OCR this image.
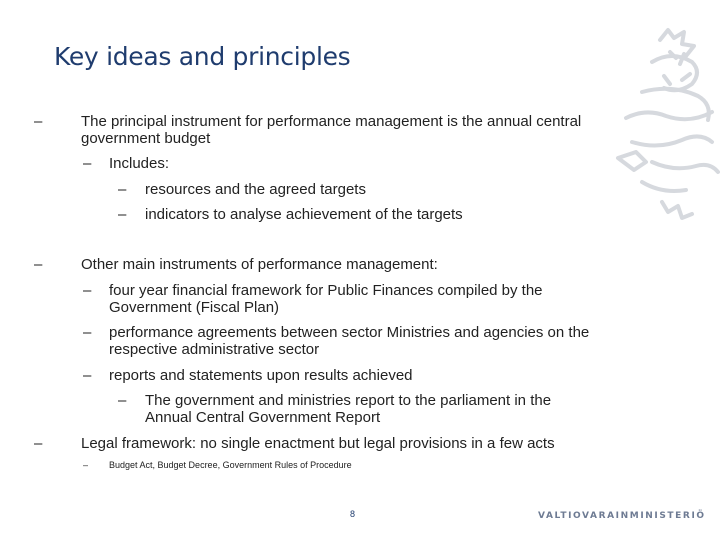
Key ideas and principles
–	The principal instrument for performance management is the annual central government budget
– Includes:
– resources and the agreed targets
– indicators to analyse achievement of the targets
–	Other main instruments of performance management:
– four year financial framework for Public Finances compiled by the Government (Fiscal Plan)
– performance agreements between sector Ministries and agencies on the respective administrative sector
– reports and statements upon results achieved
– The government and ministries report to the parliament in the Annual Central Government Report
–	Legal framework: no single enactment but legal provisions in a few acts
– Budget Act, Budget Decree, Government Rules of Procedure
8	VALTIOVARAINMINISTERIÖ
